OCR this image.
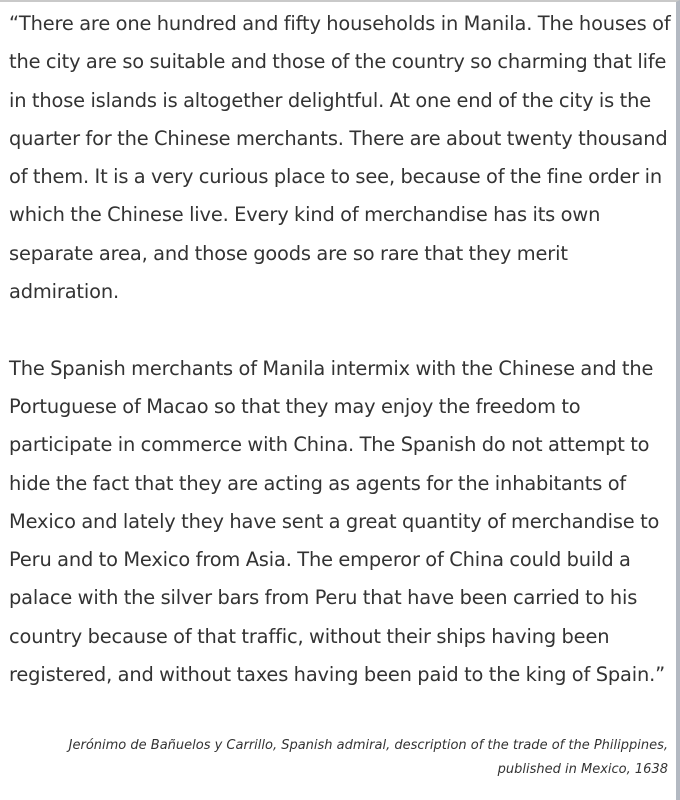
“There are one hundred and fifty households in Manila. The houses of the city are so suitable and those of the country so charming that life in those islands is altogether delightful. At one end of the city is the quarter for the Chinese merchants. There are about twenty thousand of them. It is a very curious place to see, because of the fine order in which the Chinese live. Every kind of merchandise has its own separate area, and those goods are so rare that they merit admiration.

The Spanish merchants of Manila intermix with the Chinese and the Portuguese of Macao so that they may enjoy the freedom to participate in commerce with China. The Spanish do not attempt to hide the fact that they are acting as agents for the inhabitants of Mexico and lately they have sent a great quantity of merchandise to Peru and to Mexico from Asia. The emperor of China could build a palace with the silver bars from Peru that have been carried to his country because of that traffic, without their ships having been registered, and without taxes having been paid to the king of Spain.”

Jerónimo de Bañuelos y Carrillo, Spanish admiral, description of the trade of the Philippines, published in Mexico, 1638
